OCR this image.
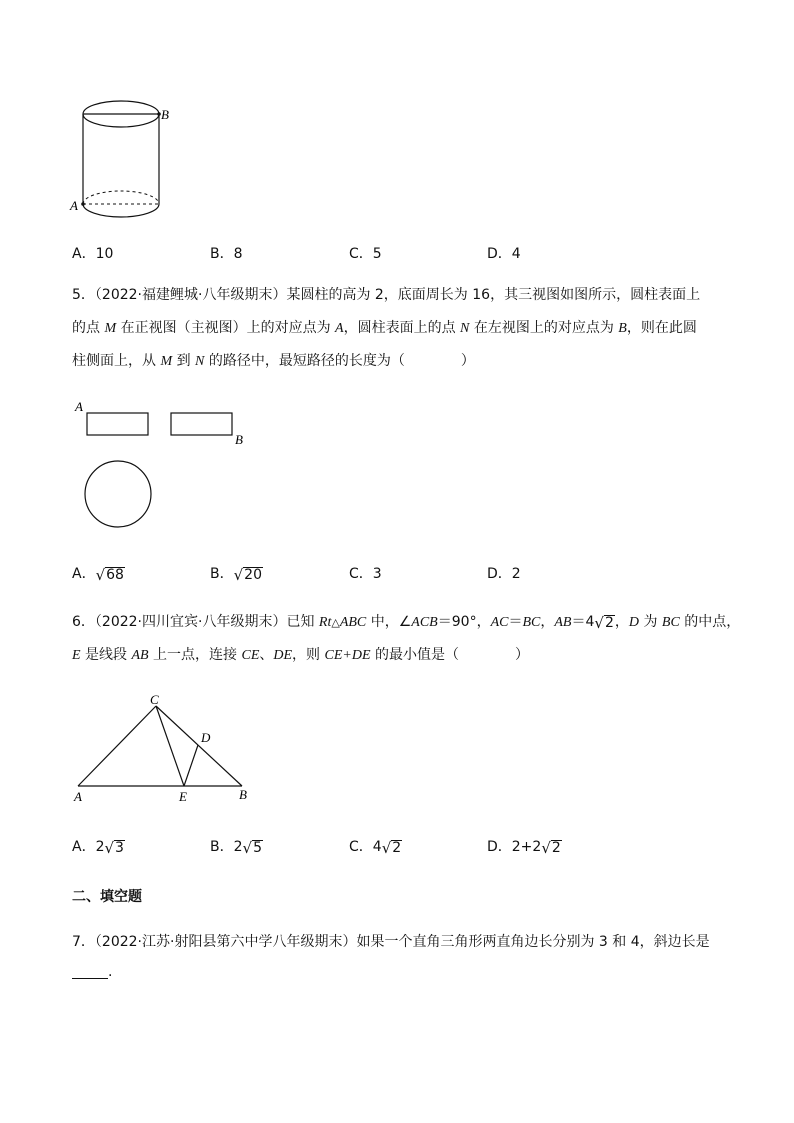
B
A
A．10	B．8	C．5	D．4
5．（2022·福建鲤城·八年级期末）某圆柱的高为 2，底面周长为 16，其三视图如图所示，圆柱表面上
的点 M 在正视图（主视图）上的对应点为 A，圆柱表面上的点 N 在左视图上的对应点为 B，则在此圆
柱侧面上，从 M 到 N 的路径中，最短路径的长度为（	）
A
B
A． √ 68	B． √ 20	C．3	D．2
6．（2022·四川宜宾·八年级期末）已知 Rt△ABC 中，∠ACB＝90°，AC＝BC，AB＝4 √ 2 ，D 为 BC 的中点，
E 是线段 AB 上一点，连接 CE、DE，则 CE+DE 的最小值是（	）
C
D
A	E	B
A．2 √ 3	B．2 √ 5	C．4 √ 2	D．2+2 √ 2
二、填空题
7．（2022·江苏·射阳县第六中学八年级期末）如果一个直角三角形两直角边长分别为 3 和 4，斜边长是
.
